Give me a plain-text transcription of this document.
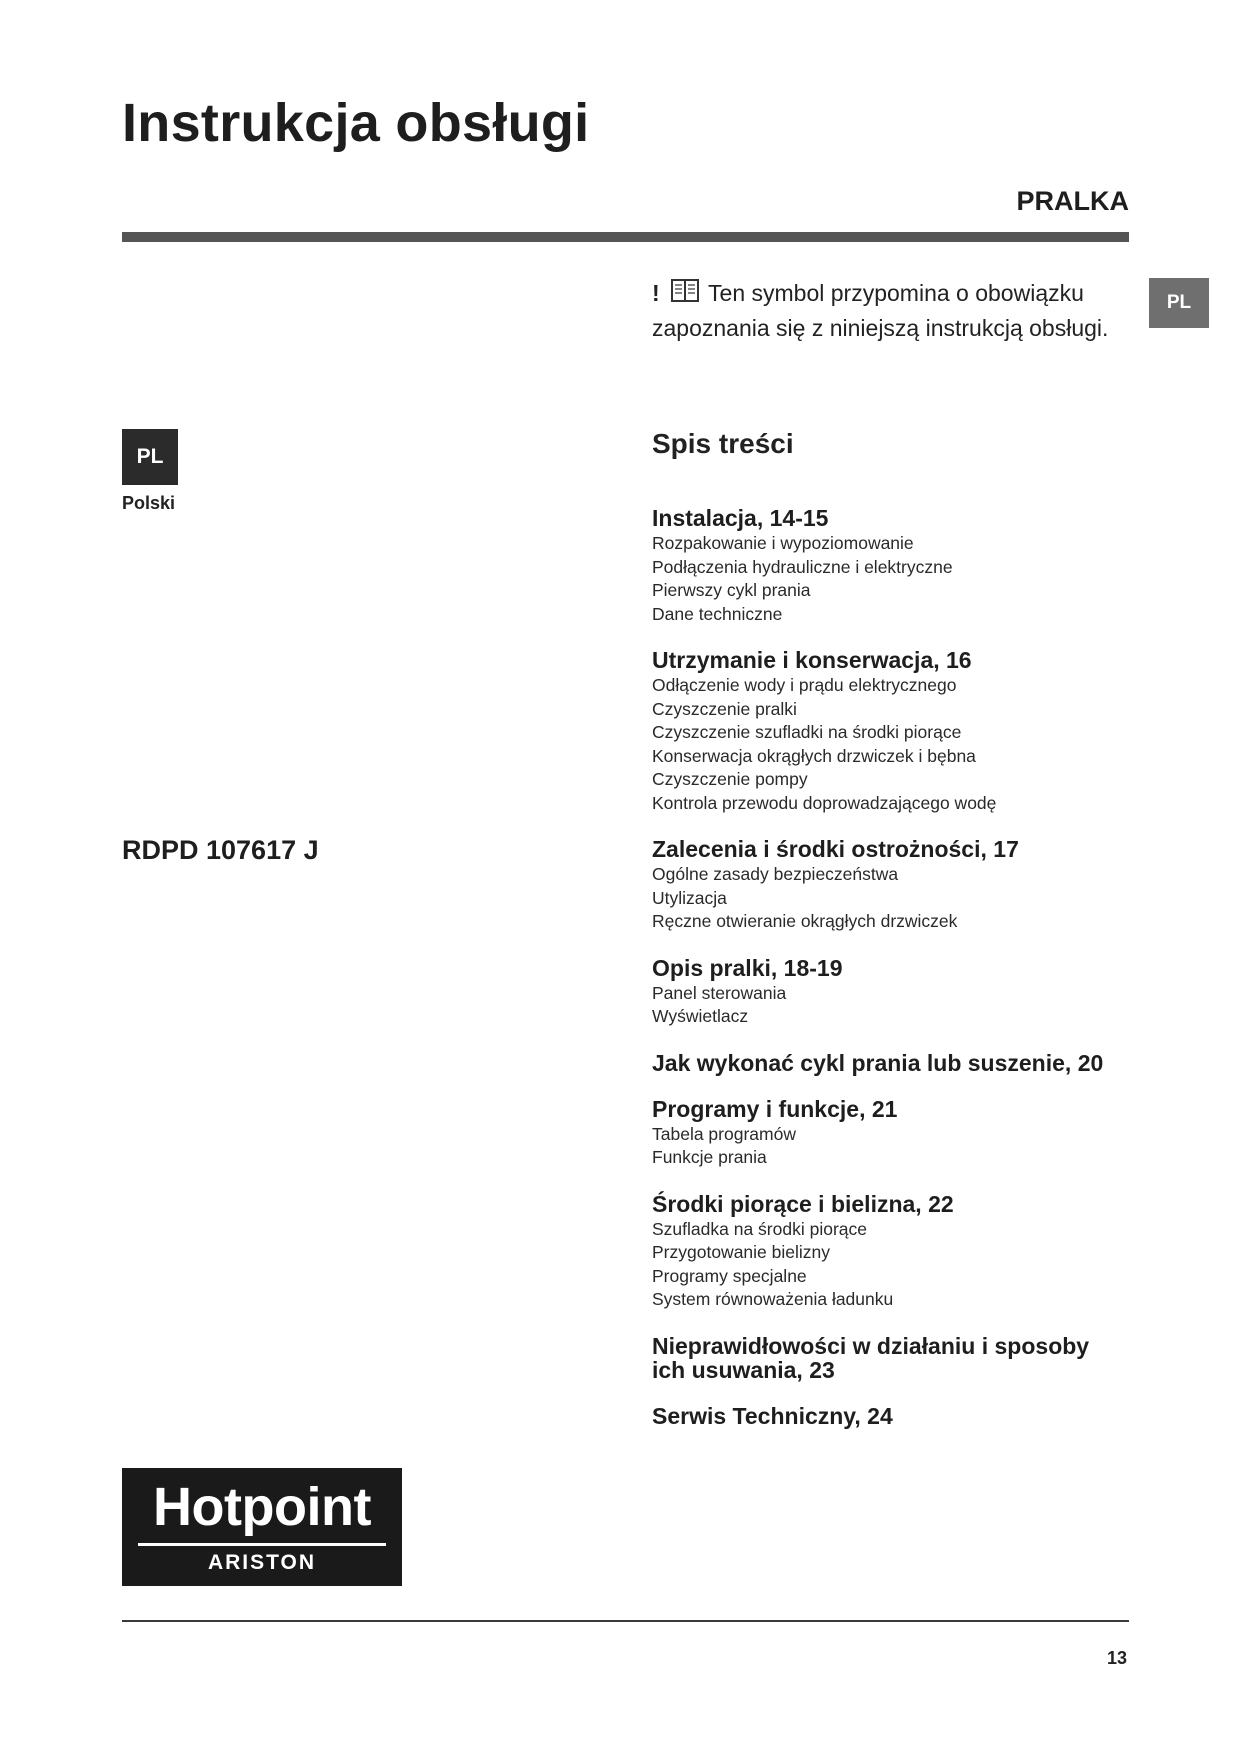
Instrukcja obsługi
PRALKA
! Ten symbol przypomina o obowiązku zapoznania się z niniejszą instrukcją obsługi.
PL
PL
Polski
RDPD 107617 J
Spis treści
Instalacja, 14-15
Rozpakowanie i wypoziomowanie
Podłączenia hydrauliczne i elektryczne
Pierwszy cykl prania
Dane techniczne
Utrzymanie i konserwacja, 16
Odłączenie wody i prądu elektrycznego
Czyszczenie pralki
Czyszczenie szufladki na środki piorące
Konserwacja okrągłych drzwiczek i bębna
Czyszczenie pompy
Kontrola przewodu doprowadzającego wodę
Zalecenia i środki ostrożności, 17
Ogólne zasady bezpieczeństwa
Utylizacja
Ręczne otwieranie okrągłych drzwiczek
Opis pralki, 18-19
Panel sterowania
Wyświetlacz
Jak wykonać cykl prania lub suszenie, 20
Programy i funkcje, 21
Tabela programów
Funkcje prania
Środki piorące i bielizna, 22
Szufladka na środki piorące
Przygotowanie bielizny
Programy specjalne
System równoważenia ładunku
Nieprawidłowości w działaniu i sposoby ich usuwania, 23
Serwis Techniczny, 24
Hotpoint
ARISTON
13
